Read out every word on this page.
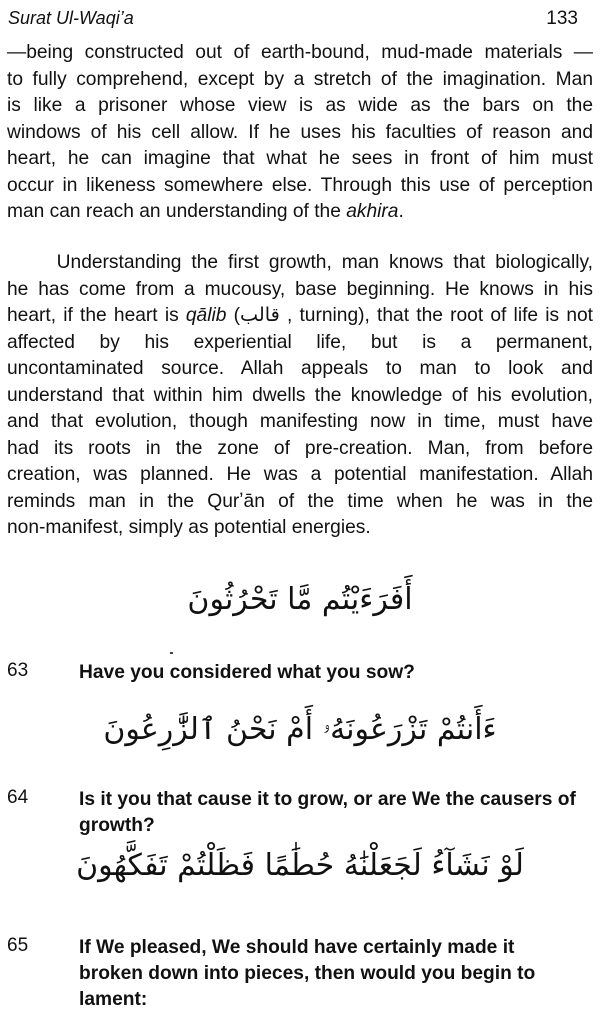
Surat Ul-Waqi’a	133
—being constructed out of earth-bound, mud-made materials —
to fully comprehend, except by a stretch of the imagination. Man
is like a prisoner whose view is as wide as the bars on the
windows of his cell allow. If he uses his faculties of reason and
heart, he can imagine that what he sees in front of him must
occur in likeness somewhere else. Through this use of perception
man can reach an understanding of the akhira.
Understanding the first growth, man knows that biologically,
he has come from a mucousy, base beginning. He knows in his
heart, if the heart is qālib (قالب , turning), that the root of life is not
affected by his experiential life, but is a permanent,
uncontaminated source. Allah appeals to man to look and
understand that within him dwells the knowledge of his evolution,
and that evolution, though manifesting now in time, must have
had its roots in the zone of pre-creation. Man, from before
creation, was planned. He was a potential manifestation. Allah
reminds man in the Qurʼān of the time when he was in the
non-manifest, simply as potential energies.
أَفَرَءَيْتُم مَّا تَحْرُثُونَ
63	Have you considered what you sow?
ءَأَنتُمْ تَزْرَعُونَهُۥ أَمْ نَحْنُ ٱلزَّٰرِعُونَ
64	Is it you that cause it to grow, or are We the causers of growth?
لَوْ نَشَآءُ لَجَعَلْنَٰهُ حُطَٰمًا فَظَلْتُمْ تَفَكَّهُونَ
65	If We pleased, We should have certainly made it broken down into pieces, then would you begin to lament:
